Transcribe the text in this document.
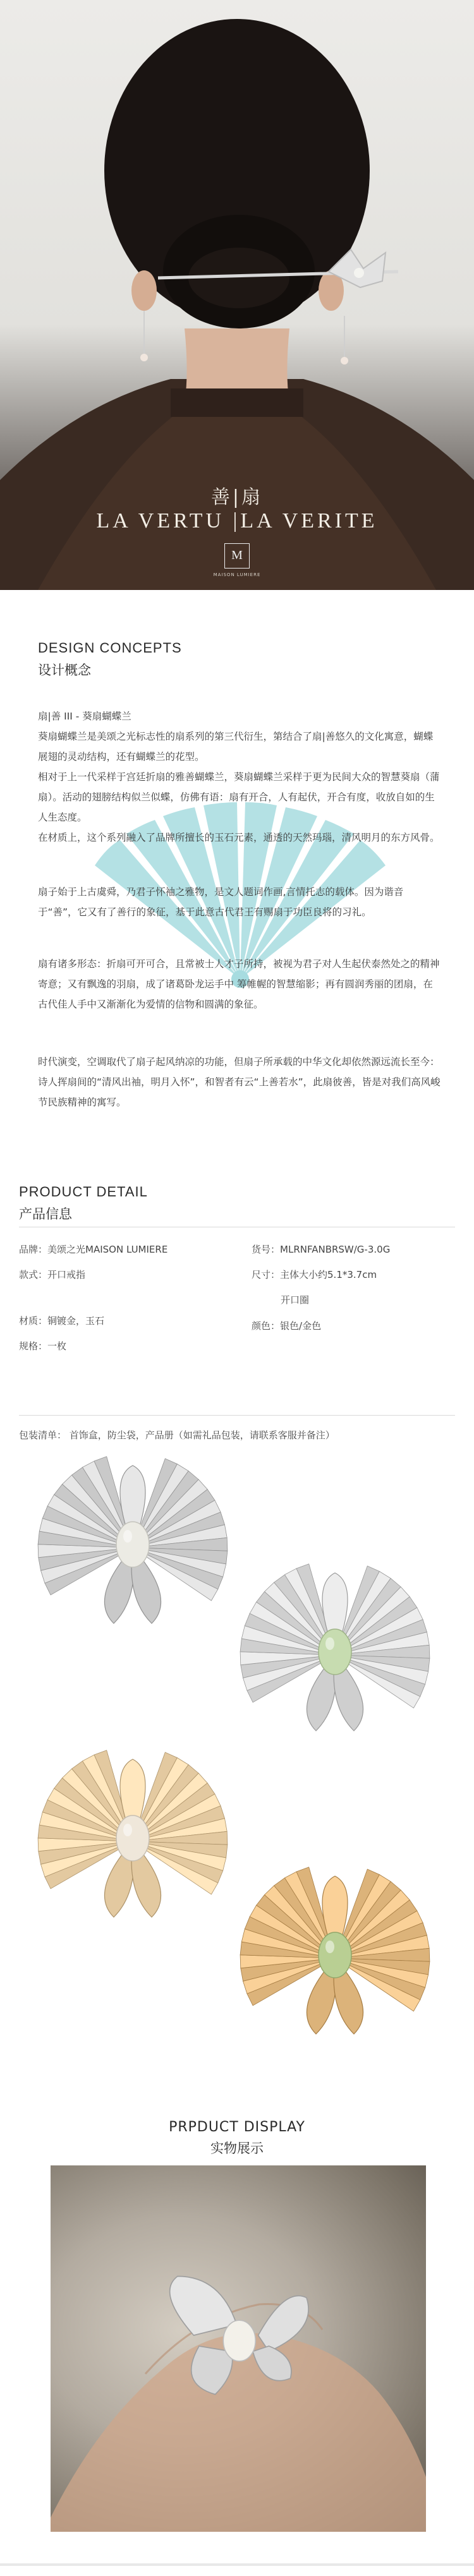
善|扇
LA VERTU |LA VERITE
M
MAISON LUMIERE
DESIGN CONCEPTS
设计概念
扇|善 III - 葵扇蝴蝶兰
葵扇蝴蝶兰是美颂之光标志性的扇系列的第三代衍生，第结合了扇|善悠久的文化寓意，蝴蝶展翅的灵动结构，还有蝴蝶兰的花型。
相对于上一代采样于宫廷折扇的雅善蝴蝶兰，葵扇蝴蝶兰采样于更为民间大众的智慧葵扇（蒲扇）。活动的翅膀结构似兰似蝶，仿佛有语：扇有开合，人有起伏，开合有度，收放自如的生人生态度。
在材质上，这个系列融入了品牌所擅长的玉石元素，通透的天然玛瑙，清风明月的东方风骨。
扇子始于上古虞舜，乃君子怀袖之雅物，是文人题词作画,言情托志的载体。因为谐音于“善”，它又有了善行的象征，基于此意古代君王有赐扇于功臣良将的习礼。
扇有诸多形态：折扇可开可合，且常被士人才子所持，被视为君子对人生起伏泰然处之的精神寄意；又有飘逸的羽扇，成了诸葛卧龙运手中 筹帷幄的智慧缩影；再有圆润秀丽的团扇，在古代佳人手中又渐渐化为爱情的信物和圆满的象征。
时代演变，空调取代了扇子起风纳凉的功能，但扇子所承载的中华文化却依然源远流长至今：诗人挥扇间的“清风出袖，明月入怀”，和智者有云“上善若水”，此扇彼善，皆是对我们高风峻节民族精神的寓写。
PRODUCT DETAIL
产品信息
品牌：美颂之光MAISON LUMIERE	货号：MLRNFANBRSW/G-3.0G
款式：开口戒指	尺寸：主体大小约5.1*3.7cm
开口圈
材质：铜镀金，玉石	颜色：银色/金色
规格：一枚
包装清单： 首饰盒，防尘袋，产品册（如需礼品包装，请联系客服并备注）
PRPDUCT DISPLAY
实物展示
